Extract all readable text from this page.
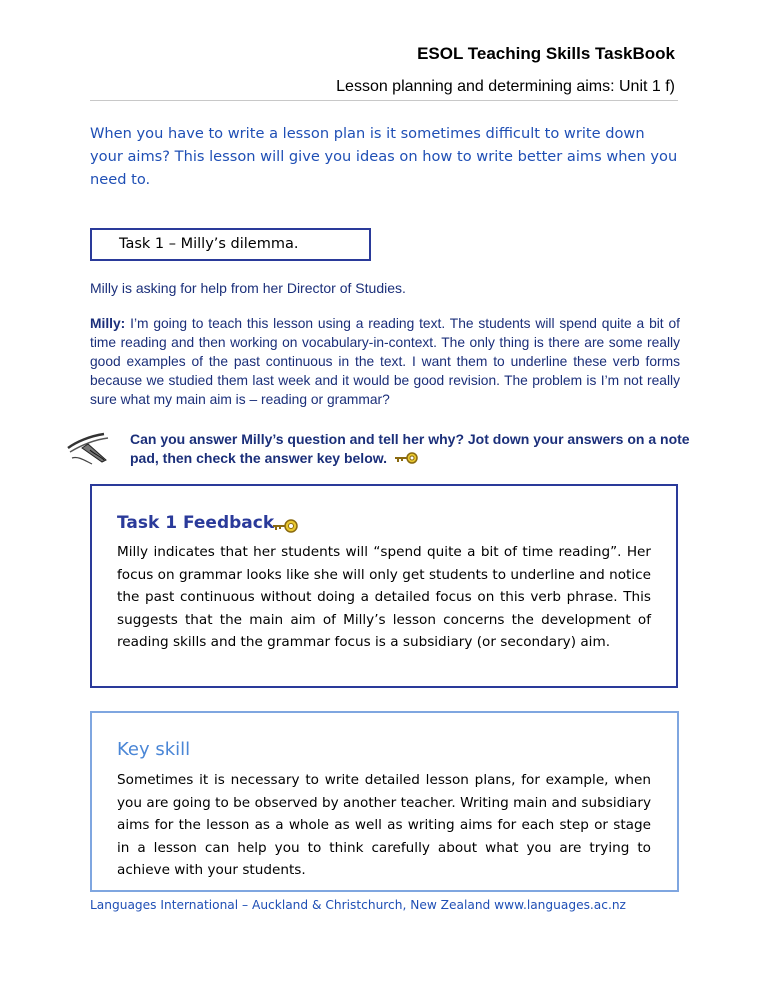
ESOL Teaching Skills TaskBook
Lesson planning and determining aims: Unit 1 f)
When you have to write a lesson plan is it sometimes difficult to write down your aims? This lesson will give you ideas on how to write better aims when you need to.
Task 1 – Milly’s dilemma.
Milly is asking for help from her Director of Studies.
Milly: I’m going to teach this lesson using a reading text. The students will spend quite a bit of time reading and then working on vocabulary-in-context. The only thing is there are some really good examples of the past continuous in the text. I want them to underline these verb forms because we studied them last week and it would be good revision. The problem is I’m not really sure what my main aim is – reading or grammar?
Can you answer Milly’s question and tell her why? Jot down your answers on a note pad, then check the answer key below.
Task 1 Feedback
Milly indicates that her students will “spend quite a bit of time reading”. Her focus on grammar looks like she will only get students to underline and notice the past continuous without doing a detailed focus on this verb phrase. This suggests that the main aim of Milly’s lesson concerns the development of reading skills and the grammar focus is a subsidiary (or secondary) aim.
Key skill
Sometimes it is necessary to write detailed lesson plans, for example, when you are going to be observed by another teacher. Writing main and subsidiary aims for the lesson as a whole as well as writing aims for each step or stage in a lesson can help you to think carefully about what you are trying to achieve with your students.
Languages International – Auckland & Christchurch, New Zealand www.languages.ac.nz
